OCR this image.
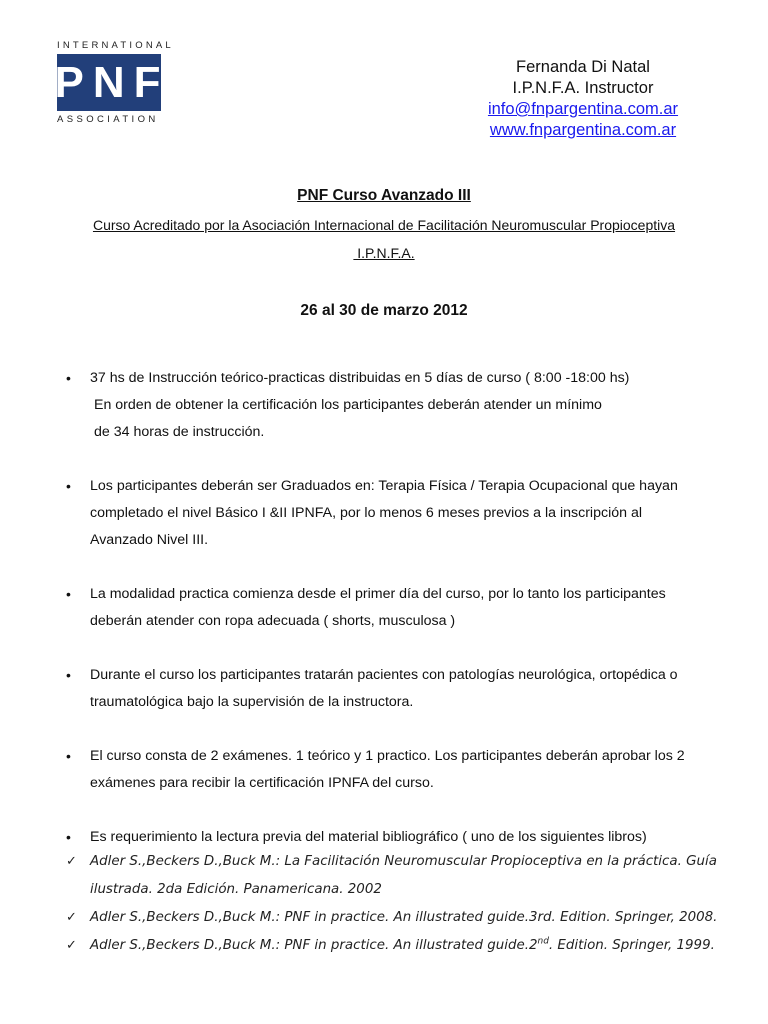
INTERNATIONAL
PNF
ASSOCIATION
Fernanda Di Natal
I.P.N.F.A. Instructor
info@fnpargentina.com.ar
www.fnpargentina.com.ar
PNF Curso Avanzado III
Curso Acreditado por la Asociación Internacional de Facilitación Neuromuscular Propioceptiva
I.P.N.F.A.
26 al 30 de marzo 2012
• 37 hs de Instrucción teórico-practicas distribuidas en 5 días de curso ( 8:00 -18:00 hs)
En orden de obtener la certificación los participantes deberán atender un mínimo
de 34 horas de instrucción.
• Los participantes deberán ser Graduados en: Terapia Física / Terapia Ocupacional que hayan
completado el nivel Básico I &II IPNFA, por lo menos 6 meses previos a la inscripción al
Avanzado Nivel III.
• La modalidad practica comienza desde el primer día del curso, por lo tanto los participantes
deberán atender con ropa adecuada ( shorts, musculosa )
• Durante el curso los participantes tratarán pacientes con patologías neurológica, ortopédica o
traumatológica bajo la supervisión de la instructora.
• El curso consta de 2 exámenes. 1 teórico y 1 practico. Los participantes deberán aprobar los 2
exámenes para recibir la certificación IPNFA del curso.
• Es requerimiento la lectura previa del material bibliográfico ( uno de los siguientes libros)
✓ Adler S.,Beckers D.,Buck M.: La Facilitación Neuromuscular Propioceptiva en la práctica. Guía
ilustrada. 2da Edición. Panamericana. 2002
✓ Adler S.,Beckers D.,Buck M.: PNF in practice. An illustrated guide.3rd. Edition. Springer, 2008.
✓ Adler S.,Beckers D.,Buck M.: PNF in practice. An illustrated guide.2nd. Edition. Springer, 1999.
